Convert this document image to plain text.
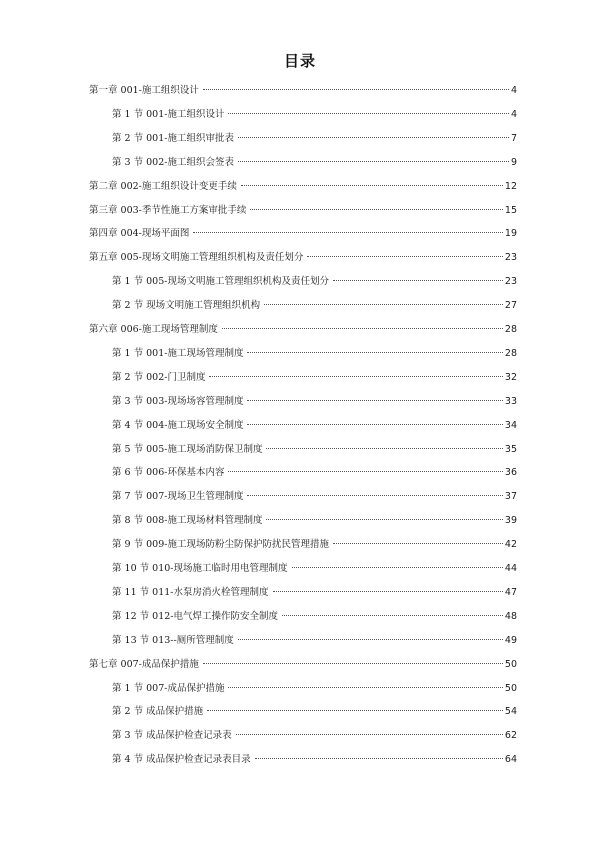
目录
第一章 001-施工组织设计	4
第 1 节 001-施工组织设计	4
第 2 节 001-施工组织审批表	7
第 3 节 002-施工组织会签表	9
第二章 002-施工组织设计变更手续	12
第三章 003-季节性施工方案审批手续	15
第四章 004-现场平面图	19
第五章 005-现场文明施工管理组织机构及责任划分	23
第 1 节 005-现场文明施工管理组织机构及责任划分	23
第 2 节 现场文明施工管理组织机构	27
第六章 006-施工现场管理制度	28
第 1 节 001-施工现场管理制度	28
第 2 节 002-门卫制度	32
第 3 节 003-现场场容管理制度	33
第 4 节 004-施工现场安全制度	34
第 5 节 005-施工现场消防保卫制度	35
第 6 节 006-环保基本内容	36
第 7 节 007-现场卫生管理制度	37
第 8 节 008-施工现场材料管理制度	39
第 9 节 009-施工现场防粉尘防保护防扰民管理措施	42
第 10 节 010-现场施工临时用电管理制度	44
第 11 节 011-水泵房消火栓管理制度	47
第 12 节 012-电气焊工操作防安全制度	48
第 13 节 013--厕所管理制度	49
第七章 007-成品保护措施	50
第 1 节 007-成品保护措施	50
第 2 节 成品保护措施	54
第 3 节 成品保护检查记录表	62
第 4 节 成品保护检查记录表目录	64
